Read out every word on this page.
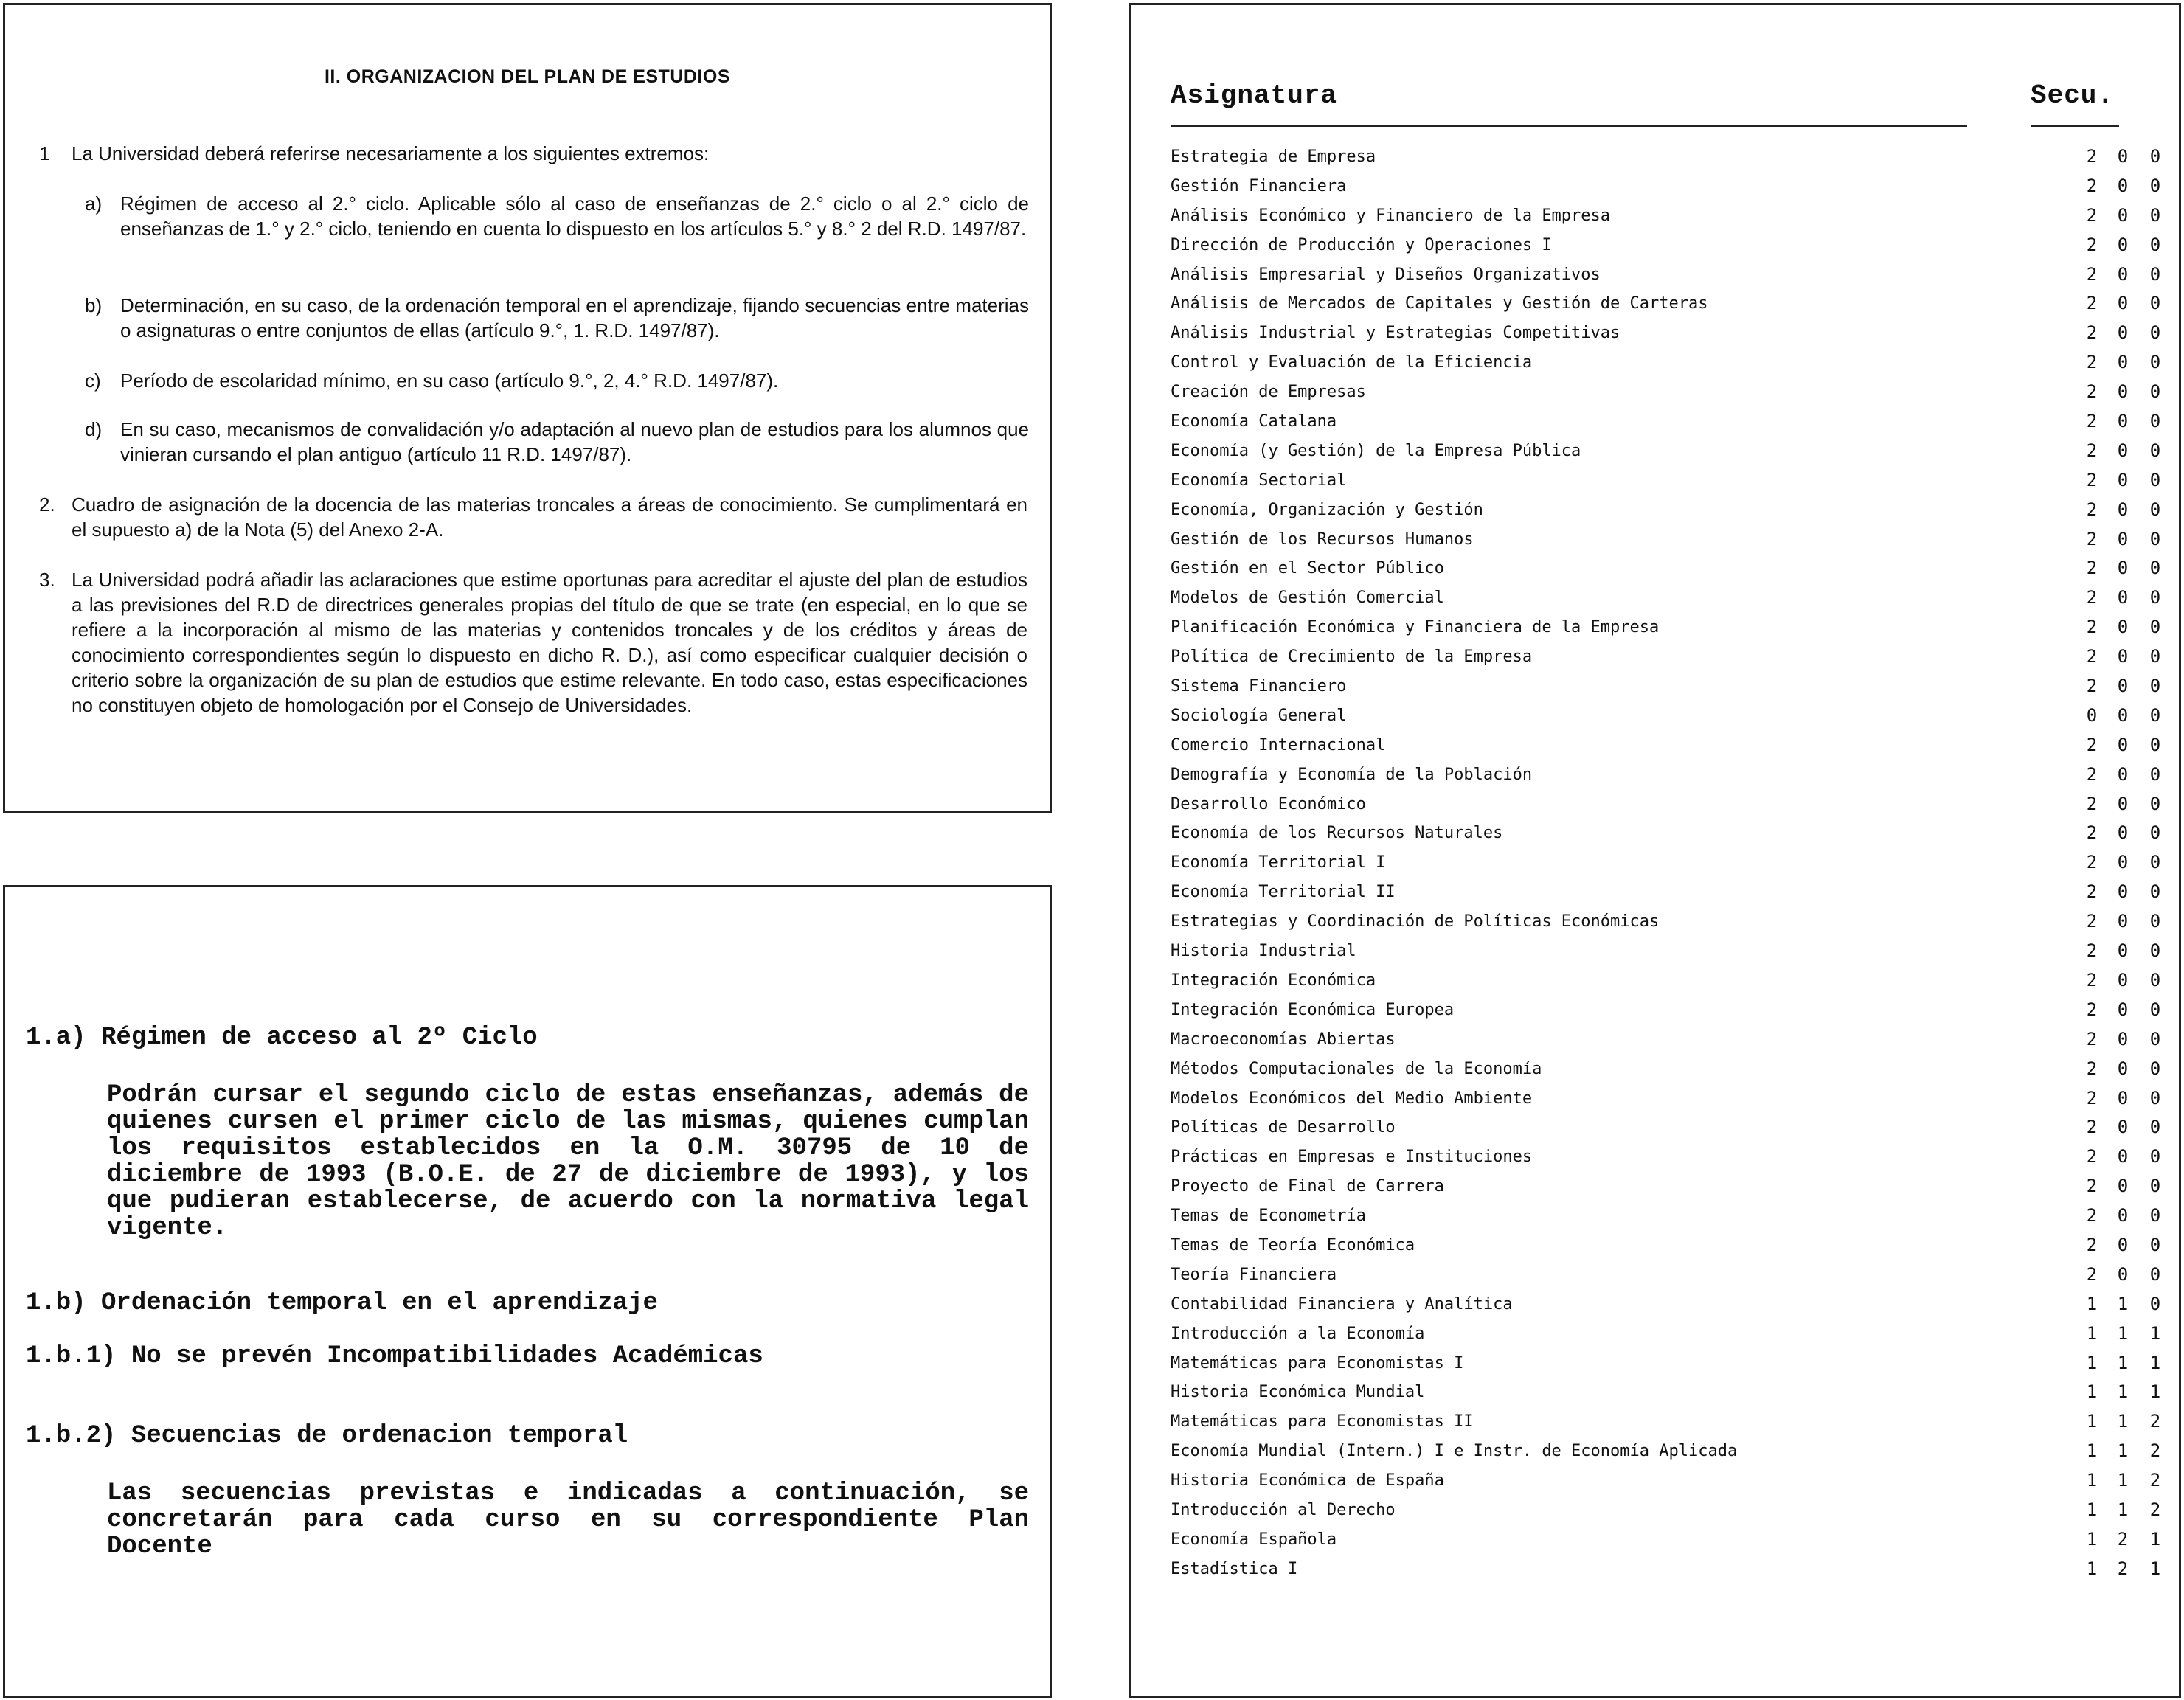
II. ORGANIZACION DEL PLAN DE ESTUDIOS
1 La Universidad deberá referirse necesariamente a los siguientes extremos:
a) Régimen de acceso al 2.° ciclo. Aplicable sólo al caso de enseñanzas de 2.° ciclo o al 2.° ciclo de enseñanzas de 1.° y 2.° ciclo, teniendo en cuenta lo dispuesto en los artículos 5.° y 8.° 2 del R.D. 1497/87.
b) Determinación, en su caso, de la ordenación temporal en el aprendizaje, fijando secuencias entre materias o asignaturas o entre conjuntos de ellas (artículo 9.°, 1. R.D. 1497/87).
c) Período de escolaridad mínimo, en su caso (artículo 9.°, 2, 4.° R.D. 1497/87).
d) En su caso, mecanismos de convalidación y/o adaptación al nuevo plan de estudios para los alumnos que vinieran cursando el plan antiguo (artículo 11 R.D. 1497/87).
2. Cuadro de asignación de la docencia de las materias troncales a áreas de conocimiento. Se cumplimentará en el supuesto a) de la Nota (5) del Anexo 2-A.
3. La Universidad podrá añadir las aclaraciones que estime oportunas para acreditar el ajuste del plan de estudios a las previsiones del R.D de directrices generales propias del título de que se trate (en especial, en lo que se refiere a la incorporación al mismo de las materias y contenidos troncales y de los créditos y áreas de conocimiento correspondientes según lo dispuesto en dicho R. D.), así como especificar cualquier decisión o criterio sobre la organización de su plan de estudios que estime relevante. En todo caso, estas especificaciones no constituyen objeto de homologación por el Consejo de Universidades.
1.a) Régimen de acceso al 2º Ciclo
Podrán cursar el segundo ciclo de estas enseñanzas, además de quienes cursen el primer ciclo de las mismas, quienes cumplan los requisitos establecidos en la O.M. 30795 de 10 de diciembre de 1993 (B.O.E. de 27 de diciembre de 1993), y los que pudieran establecerse, de acuerdo con la normativa legal vigente.
1.b) Ordenación temporal en el aprendizaje
1.b.1) No se prevén Incompatibilidades Académicas
1.b.2) Secuencias de ordenacion temporal
Las secuencias previstas e indicadas a continuación, se concretarán para cada curso en su correspondiente Plan Docente
Asignatura	Secu.
Estrategia de Empresa	2	0	0
Gestión Financiera	2	0	0
Análisis Económico y Financiero de la Empresa	2	0	0
Dirección de Producción y Operaciones I	2	0	0
Análisis Empresarial y Diseños Organizativos	2	0	0
Análisis de Mercados de Capitales y Gestión de Carteras	2	0	0
Análisis Industrial y Estrategias Competitivas	2	0	0
Control y Evaluación de la Eficiencia	2	0	0
Creación de Empresas	2	0	0
Economía Catalana	2	0	0
Economía (y Gestión) de la Empresa Pública	2	0	0
Economía Sectorial	2	0	0
Economía, Organización y Gestión	2	0	0
Gestión de los Recursos Humanos	2	0	0
Gestión en el Sector Público	2	0	0
Modelos de Gestión Comercial	2	0	0
Planificación Económica y Financiera de la Empresa	2	0	0
Política de Crecimiento de la Empresa	2	0	0
Sistema Financiero	2	0	0
Sociología General	0	0	0
Comercio Internacional	2	0	0
Demografía y Economía de la Población	2	0	0
Desarrollo Económico	2	0	0
Economía de los Recursos Naturales	2	0	0
Economía Territorial I	2	0	0
Economía Territorial II	2	0	0
Estrategias y Coordinación de Políticas Económicas	2	0	0
Historia Industrial	2	0	0
Integración Económica	2	0	0
Integración Económica Europea	2	0	0
Macroeconomías Abiertas	2	0	0
Métodos Computacionales de la Economía	2	0	0
Modelos Económicos del Medio Ambiente	2	0	0
Políticas de Desarrollo	2	0	0
Prácticas en Empresas e Instituciones	2	0	0
Proyecto de Final de Carrera	2	0	0
Temas de Econometría	2	0	0
Temas de Teoría Económica	2	0	0
Teoría Financiera	2	0	0
Contabilidad Financiera y Analítica	1	1	0
Introducción a la Economía	1	1	1
Matemáticas para Economistas I	1	1	1
Historia Económica Mundial	1	1	1
Matemáticas para Economistas II	1	1	2
Economía Mundial (Intern.) I e Instr. de Economía Aplicada	1	1	2
Historia Económica de España	1	1	2
Introducción al Derecho	1	1	2
Economía Española	1	2	1
Estadística I	1	2	1
